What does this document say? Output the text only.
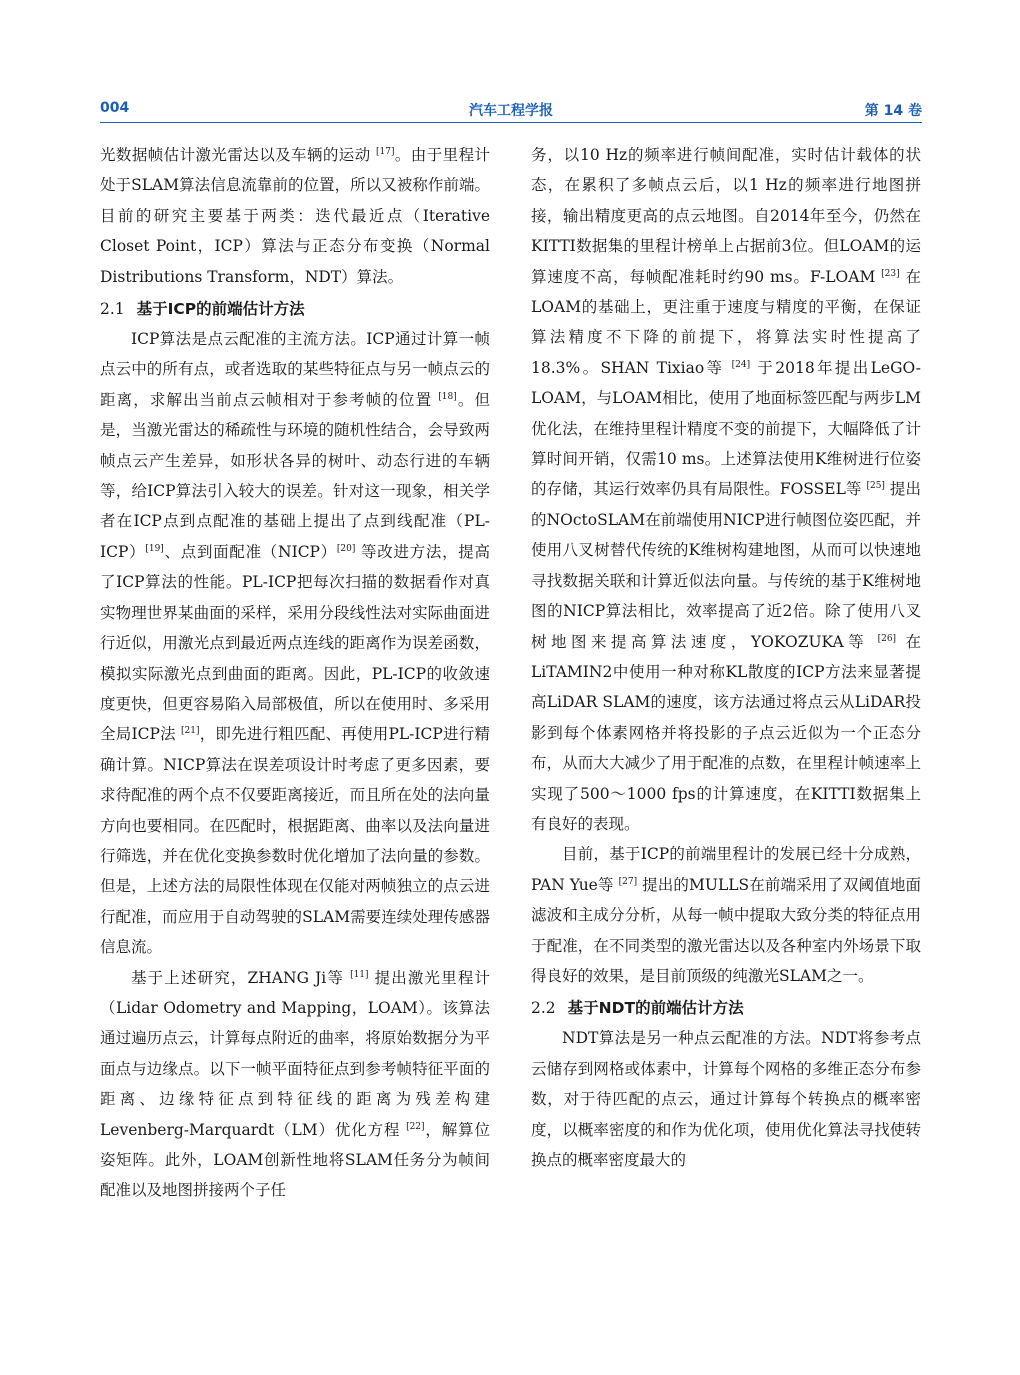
004	汽车工程学报	第 14 卷

光数据帧估计激光雷达以及车辆的运动 [17]。由于里程计处于SLAM算法信息流靠前的位置，所以又被称作前端。目前的研究主要基于两类：迭代最近点（Iterative Closet Point，ICP）算法与正态分布变换（Normal Distributions Transform，NDT）算法。

2.1 基于ICP的前端估计方法

ICP算法是点云配准的主流方法。ICP通过计算一帧点云中的所有点，或者选取的某些特征点与另一帧点云的距离，求解出当前点云帧相对于参考帧的位置 [18]。但是，当激光雷达的稀疏性与环境的随机性结合，会导致两帧点云产生差异，如形状各异的树叶、动态行进的车辆等，给ICP算法引入较大的误差。针对这一现象，相关学者在ICP点到点配准的基础上提出了点到线配准（PL-ICP）[19]、点到面配准（NICP）[20] 等改进方法，提高了ICP算法的性能。PL-ICP把每次扫描的数据看作对真实物理世界某曲面的采样，采用分段线性法对实际曲面进行近似，用激光点到最近两点连线的距离作为误差函数，模拟实际激光点到曲面的距离。因此，PL-ICP的收敛速度更快，但更容易陷入局部极值，所以在使用时、多采用全局ICP法 [21]，即先进行粗匹配、再使用PL-ICP进行精确计算。NICP算法在误差项设计时考虑了更多因素，要求待配准的两个点不仅要距离接近，而且所在处的法向量方向也要相同。在匹配时，根据距离、曲率以及法向量进行筛选，并在优化变换参数时优化增加了法向量的参数。但是，上述方法的局限性体现在仅能对两帧独立的点云进行配准，而应用于自动驾驶的SLAM需要连续处理传感器信息流。

基于上述研究，ZHANG Ji等 [11] 提出激光里程计（Lidar Odometry and Mapping，LOAM）。该算法通过遍历点云，计算每点附近的曲率，将原始数据分为平面点与边缘点。以下一帧平面特征点到参考帧特征平面的距离、边缘特征点到特征线的距离为残差构建 Levenberg-Marquardt（LM）优化方程 [22]，解算位姿矩阵。此外，LOAM创新性地将SLAM任务分为帧间配准以及地图拼接两个子任

务，以10 Hz的频率进行帧间配准，实时估计载体的状态，在累积了多帧点云后，以1 Hz的频率进行地图拼接，输出精度更高的点云地图。自2014年至今，仍然在KITTI数据集的里程计榜单上占据前3位。但LOAM的运算速度不高，每帧配准耗时约90 ms。F-LOAM [23] 在LOAM的基础上，更注重于速度与精度的平衡，在保证算法精度不下降的前提下，将算法实时性提高了18.3%。SHAN Tixiao等 [24] 于2018年提出LeGO-LOAM，与LOAM相比，使用了地面标签匹配与两步LM优化法，在维持里程计精度不变的前提下，大幅降低了计算时间开销，仅需10 ms。上述算法使用K维树进行位姿的存储，其运行效率仍具有局限性。FOSSEL等 [25] 提出的NOctoSLAM在前端使用NICP进行帧图位姿匹配，并使用八叉树替代传统的K维树构建地图，从而可以快速地寻找数据关联和计算近似法向量。与传统的基于K维树地图的NICP算法相比，效率提高了近2倍。除了使用八叉树地图来提高算法速度，YOKOZUKA等 [26] 在LiTAMIN2中使用一种对称KL散度的ICP方法来显著提高LiDAR SLAM的速度，该方法通过将点云从LiDAR投影到每个体素网格并将投影的子点云近似为一个正态分布，从而大大减少了用于配准的点数，在里程计帧速率上实现了500～1000 fps的计算速度，在KITTI数据集上有良好的表现。

目前，基于ICP的前端里程计的发展已经十分成熟，PAN Yue等 [27] 提出的MULLS在前端采用了双阈值地面滤波和主成分分析，从每一帧中提取大致分类的特征点用于配准，在不同类型的激光雷达以及各种室内外场景下取得良好的效果，是目前顶级的纯激光SLAM之一。

2.2 基于NDT的前端估计方法

NDT算法是另一种点云配准的方法。NDT将参考点云储存到网格或体素中，计算每个网格的多维正态分布参数，对于待匹配的点云，通过计算每个转换点的概率密度，以概率密度的和作为优化项，使用优化算法寻找使转换点的概率密度最大的
